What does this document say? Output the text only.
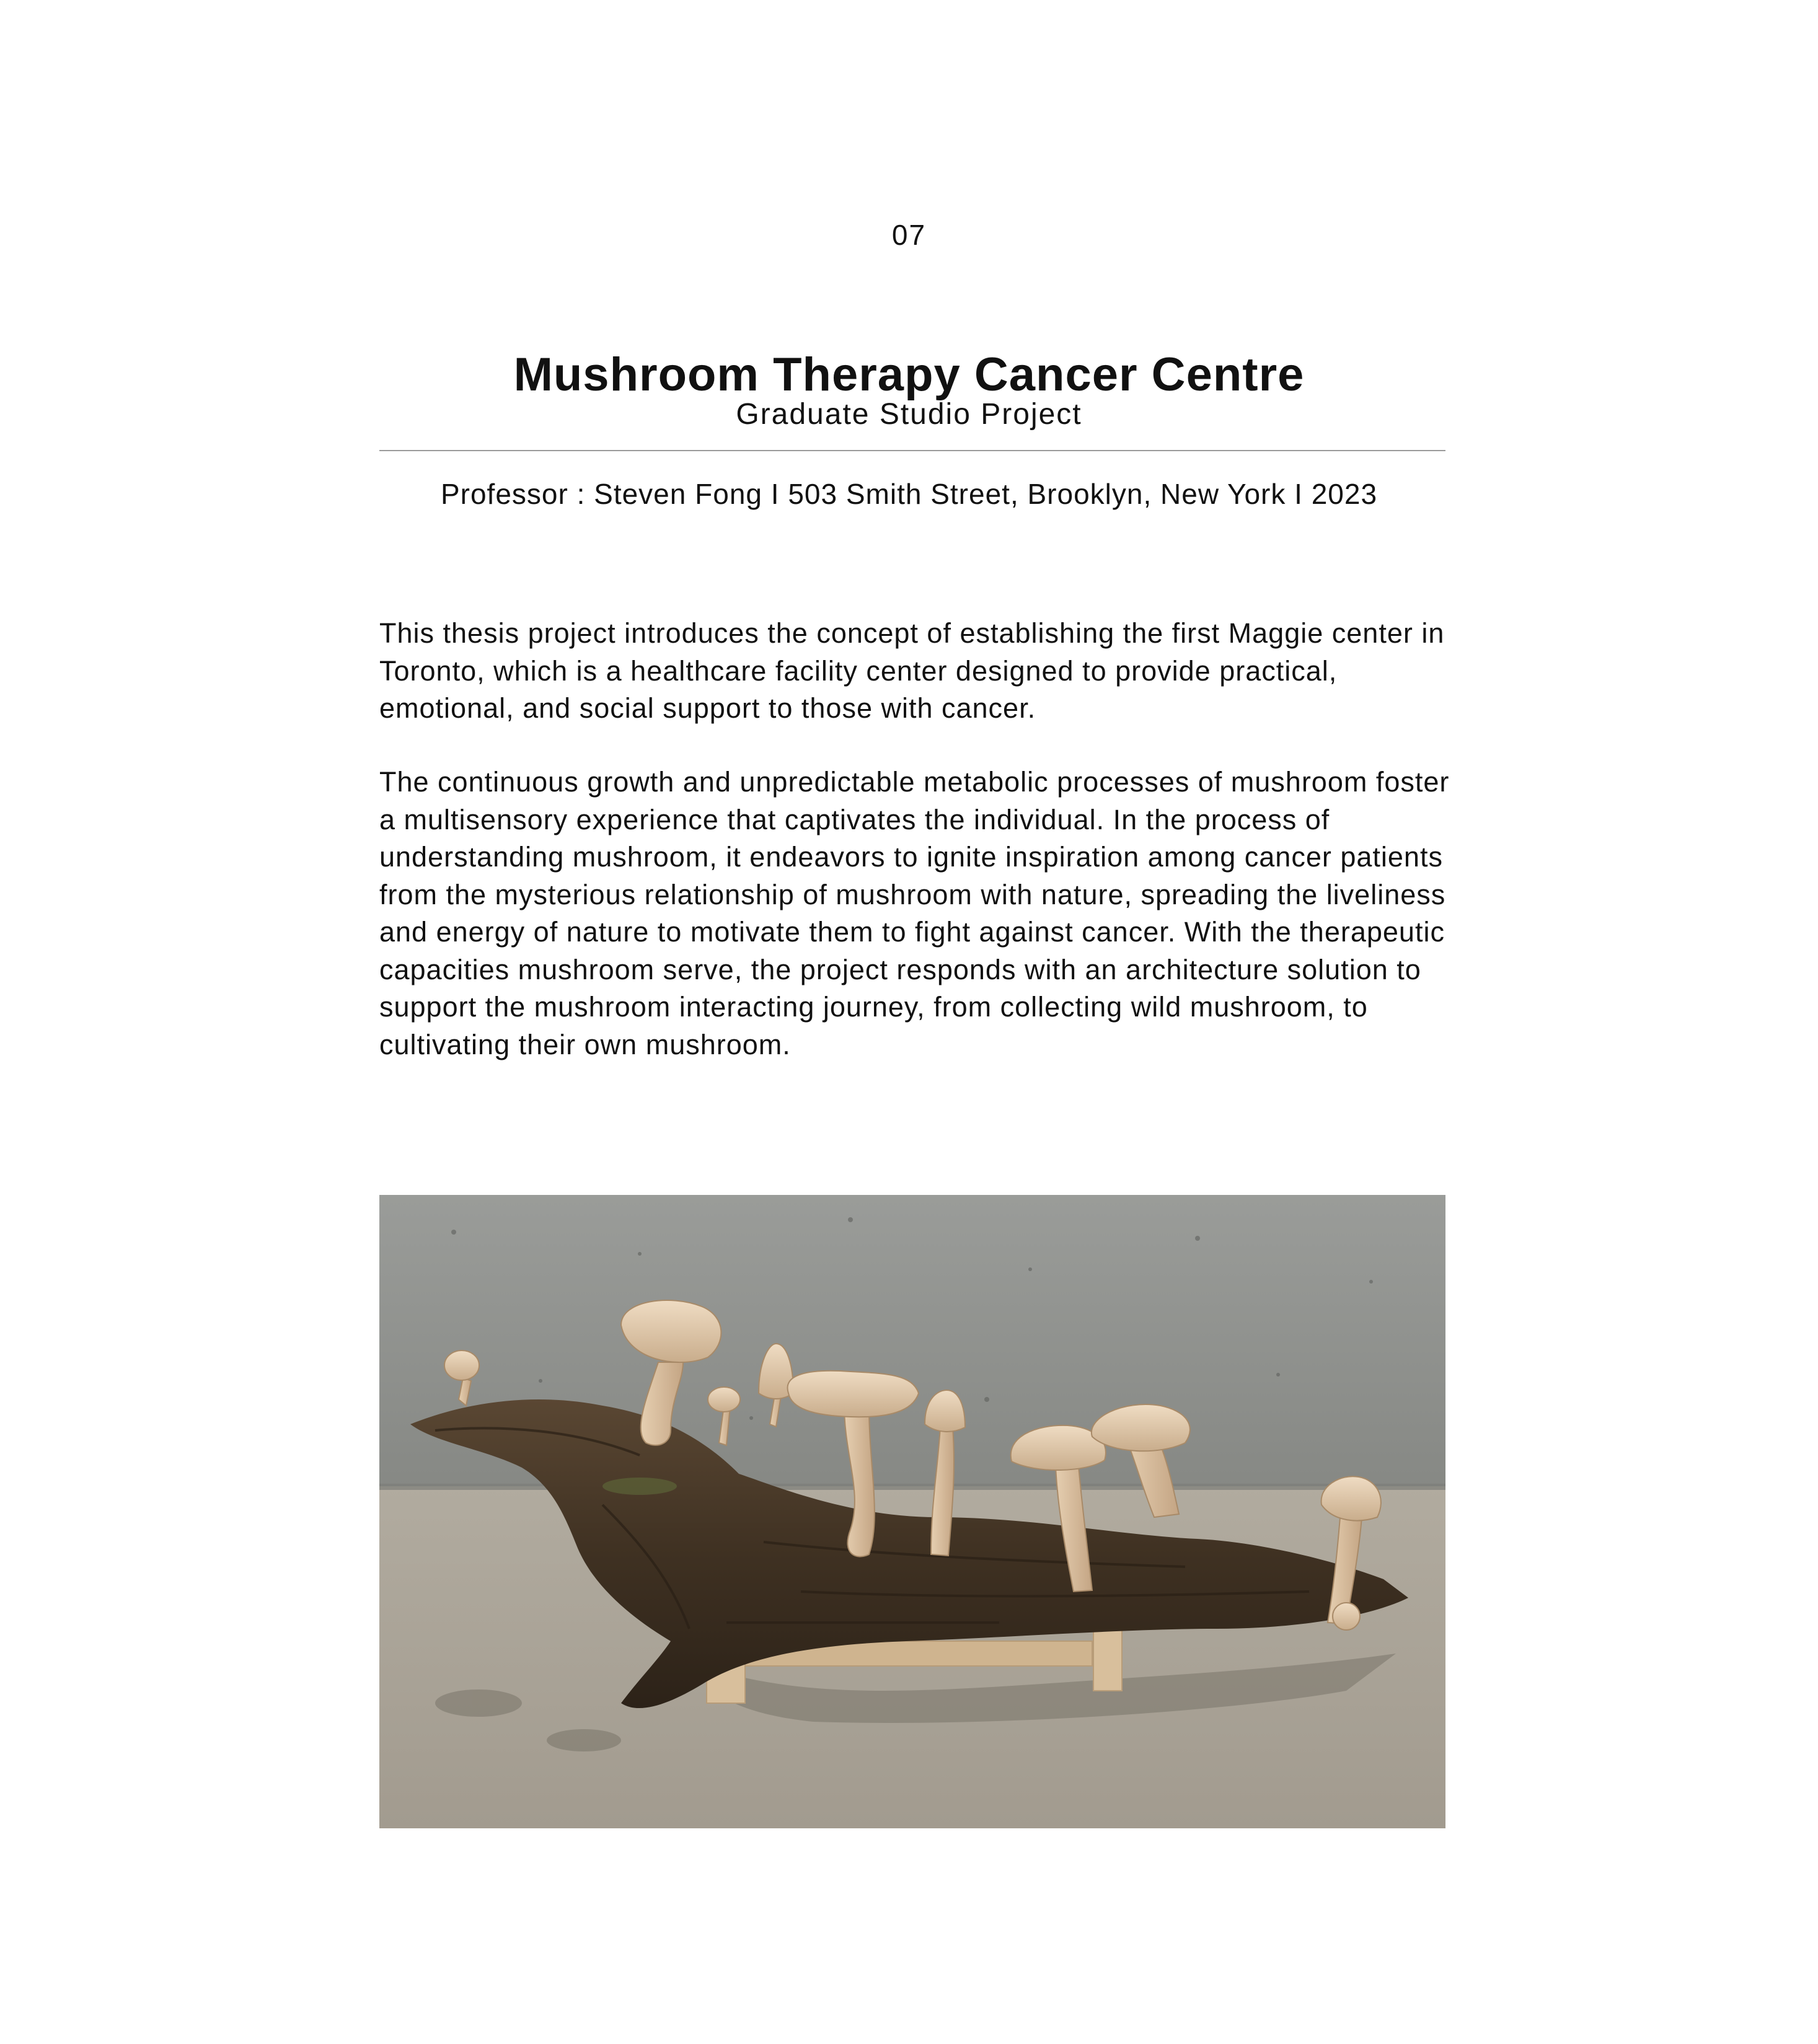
07
Mushroom Therapy Cancer Centre
Graduate Studio Project
Professor : Steven Fong I 503 Smith Street, Brooklyn, New York I 2023

This thesis project introduces the concept of establishing the first Maggie center in Toronto, which is a healthcare facility center designed to provide practical, emotional, and social support to those with cancer.

The continuous growth and unpredictable metabolic processes of mushroom foster a multisensory experience that captivates the individual. In the process of understanding mushroom, it endeavors to ignite inspiration among cancer patients from the mysterious relationship of mushroom with nature, spreading the liveliness and energy of nature to motivate them to fight against cancer. With the therapeutic capacities mushroom serve, the project responds with an architecture solution to support the mushroom interacting journey, from collecting wild mushroom, to cultivating their own mushroom.
